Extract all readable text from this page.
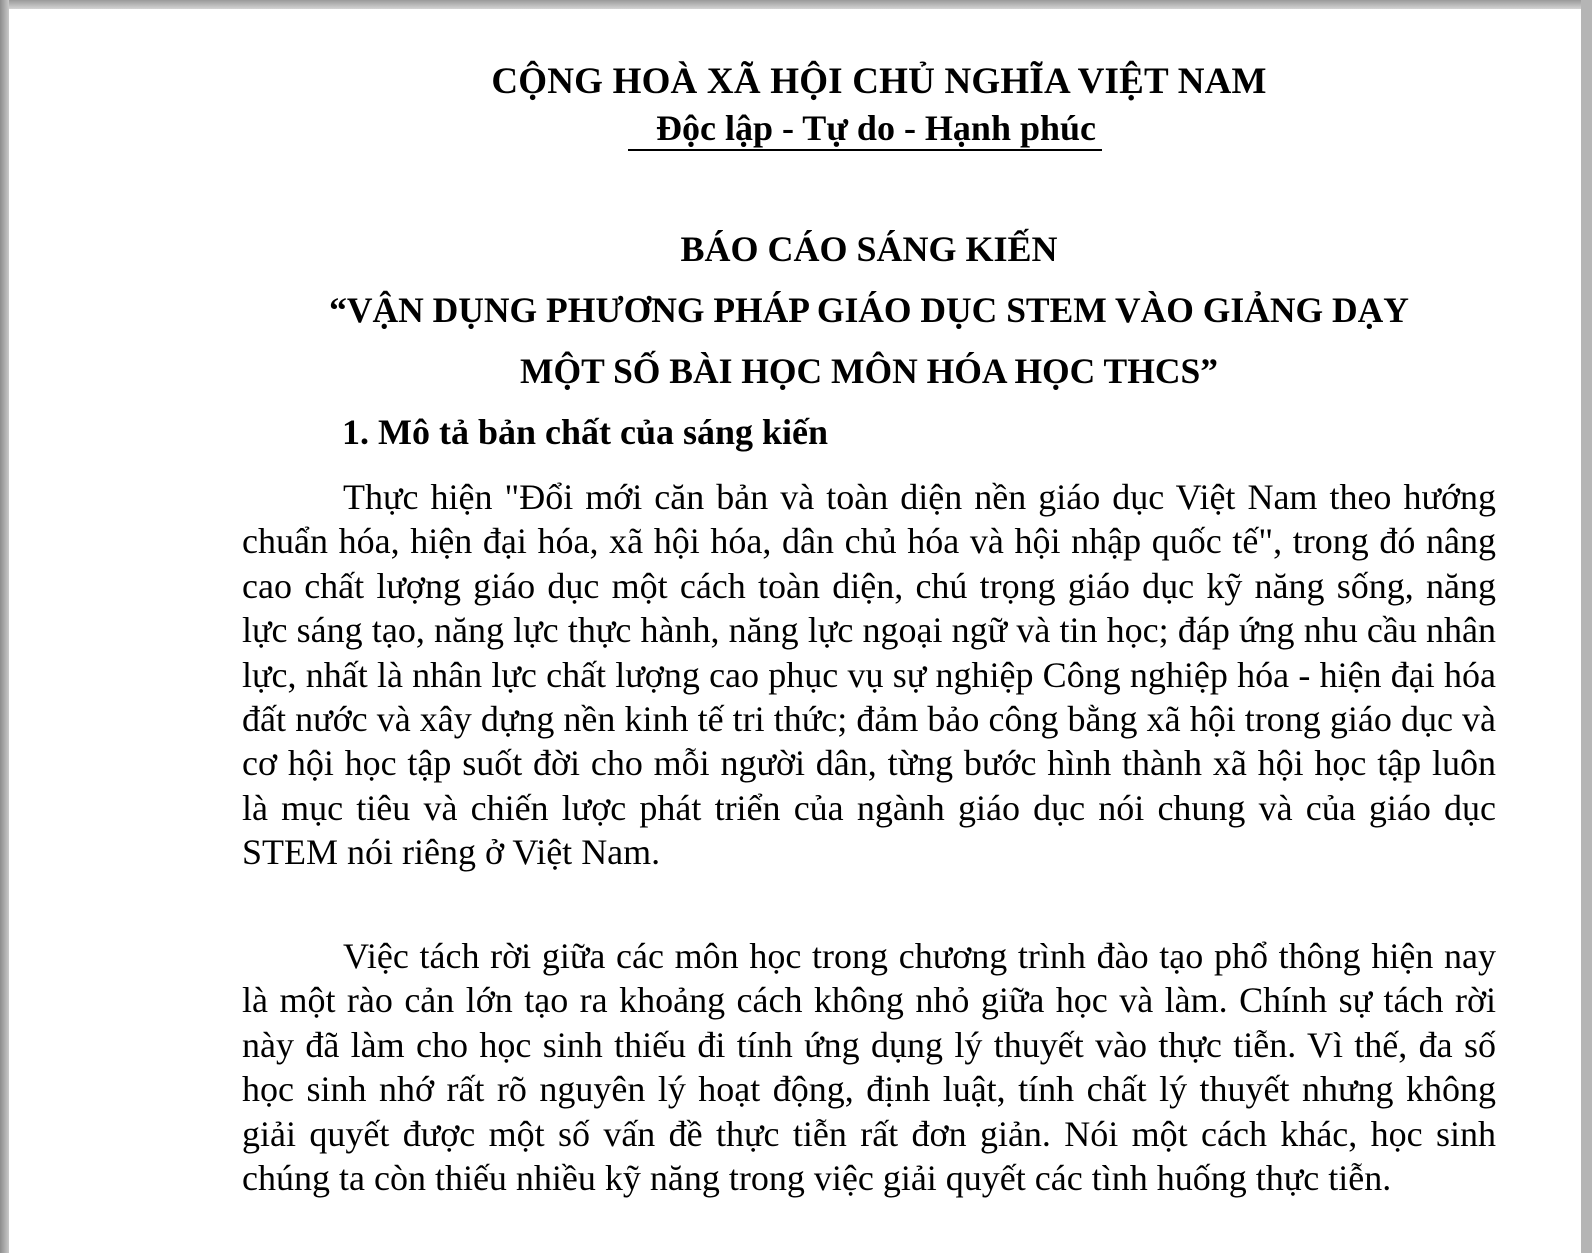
CỘNG HOÀ XÃ HỘI CHỦ NGHĨA VIỆT NAM
Độc lập - Tự do - Hạnh phúc
BÁO CÁO SÁNG KIẾN
“VẬN DỤNG PHƯƠNG PHÁP GIÁO DỤC STEM VÀO GIẢNG DẠY
MỘT SỐ BÀI HỌC MÔN HÓA HỌC THCS”
1. Mô tả bản chất của sáng kiến

Thực hiện "Đổi mới căn bản và toàn diện nền giáo dục Việt Nam theo hướng chuẩn hóa, hiện đại hóa, xã hội hóa, dân chủ hóa và hội nhập quốc tế", trong đó nâng cao chất lượng giáo dục một cách toàn diện, chú trọng giáo dục kỹ năng sống, năng lực sáng tạo, năng lực thực hành, năng lực ngoại ngữ và tin học; đáp ứng nhu cầu nhân lực, nhất là nhân lực chất lượng cao phục vụ sự nghiệp Công nghiệp hóa - hiện đại hóa đất nước và xây dựng nền kinh tế tri thức; đảm bảo công bằng xã hội trong giáo dục và cơ hội học tập suốt đời cho mỗi người dân, từng bước hình thành xã hội học tập luôn là mục tiêu và chiến lược phát triển của ngành giáo dục nói chung và của giáo dục STEM nói riêng ở Việt Nam.

Việc tách rời giữa các môn học trong chương trình đào tạo phổ thông hiện nay là một rào cản lớn tạo ra khoảng cách không nhỏ giữa học và làm. Chính sự tách rời này đã làm cho học sinh thiếu đi tính ứng dụng lý thuyết vào thực tiễn. Vì thế, đa số học sinh nhớ rất rõ nguyên lý hoạt động, định luật, tính chất lý thuyết nhưng không giải quyết được một số vấn đề thực tiễn rất đơn giản. Nói một cách khác, học sinh chúng ta còn thiếu nhiều kỹ năng trong việc giải quyết các tình huống thực tiễn.
